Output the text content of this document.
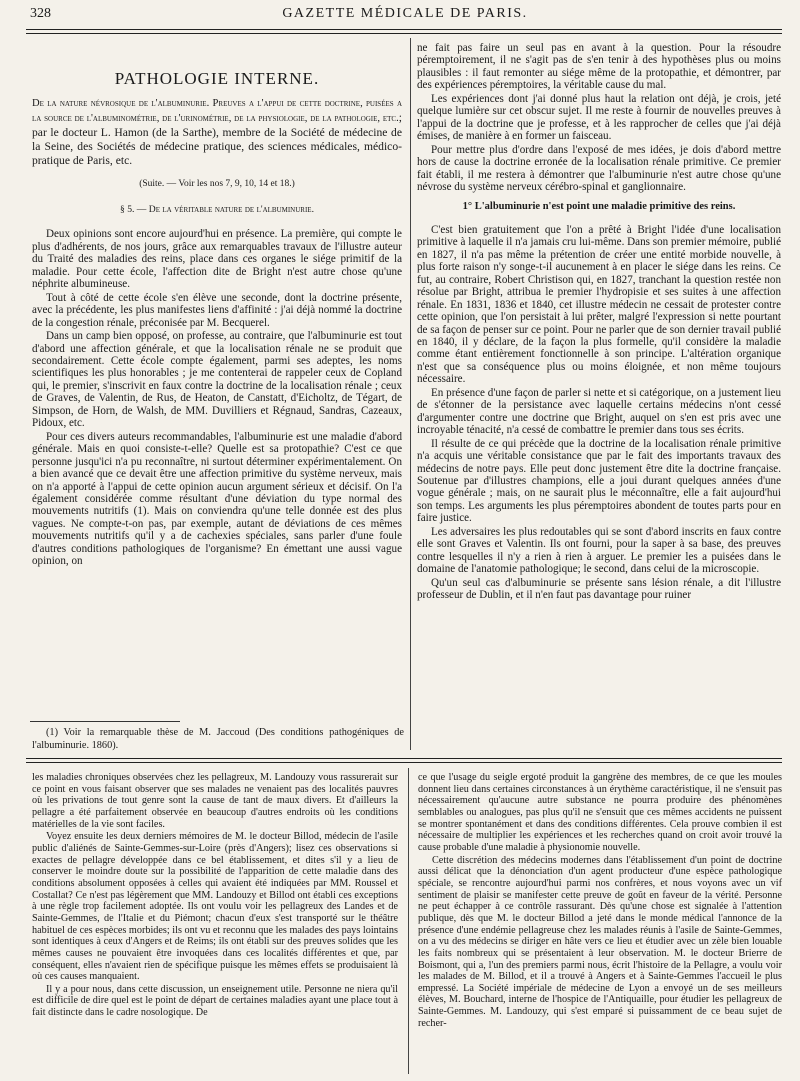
328	GAZETTE MÉDICALE DE PARIS.
PATHOLOGIE INTERNE.
De la nature névrosique de l'albuminurie. Preuves a l'appui de cette doctrine, puisées a la source de l'albuminométrie, de l'urinométrie, de la physiologie, de la pathologie, etc.; par le docteur L. Hamon (de la Sarthe), membre de la Société de médecine de la Seine, des Sociétés de médecine pratique, des sciences médicales, médico-pratique de Paris, etc.
(Suite. — Voir les nos 7, 9, 10, 14 et 18.)
§ 5. — De la véritable nature de l'albuminurie.

Deux opinions sont encore aujourd'hui en présence. La première, qui compte le plus d'adhérents, de nos jours, grâce aux remarquables travaux de l'illustre auteur du Traité des maladies des reins, place dans ces organes le siége primitif de la maladie. Pour cette école, l'affection dite de Bright n'est autre chose qu'une néphrite albumineuse.

Tout à côté de cette école s'en élève une seconde, dont la doctrine présente, avec la précédente, les plus manifestes liens d'affinité : j'ai déjà nommé la doctrine de la congestion rénale, préconisée par M. Becquerel.

Dans un camp bien opposé, on professe, au contraire, que l'albuminurie est tout d'abord une affection générale, et que la localisation rénale ne se produit que secondairement. Cette école compte également, parmi ses adeptes, les noms scientifiques les plus honorables ; je me contenterai de rappeler ceux de Copland qui, le premier, s'inscrivit en faux contre la doctrine de la localisation rénale ; ceux de Graves, de Valentin, de Rus, de Heaton, de Canstatt, d'Eicholtz, de Tégart, de Simpson, de Horn, de Walsh, de MM. Duvilliers et Régnaud, Sandras, Cazeaux, Pidoux, etc.

Pour ces divers auteurs recommandables, l'albuminurie est une maladie d'abord générale. Mais en quoi consiste-t-elle? Quelle est sa protopathie? C'est ce que personne jusqu'ici n'a pu reconnaître, ni surtout déterminer expérimentalement. On a bien avancé que ce devait être une affection primitive du système nerveux, mais on n'a apporté à l'appui de cette opinion aucun argument sérieux et décisif. On l'a également considérée comme résultant d'une déviation du type normal des mouvements nutritifs (1). Mais on conviendra qu'une telle donnée est des plus vagues. Ne compte-t-on pas, par exemple, autant de déviations de ces mêmes mouvements nutritifs qu'il y a de cachexies spéciales, sans parler d'une foule d'autres conditions pathologiques de l'organisme? En émettant une aussi vague opinion, on

(1) Voir la remarquable thèse de M. Jaccoud (Des conditions pathogéniques de l'albuminurie. 1860).

ne fait pas faire un seul pas en avant à la question. Pour la résoudre péremptoirement, il ne s'agit pas de s'en tenir à des hypothèses plus ou moins plausibles : il faut remonter au siége même de la protopathie, et démontrer, par des expériences péremptoires, la véritable cause du mal.

Les expériences dont j'ai donné plus haut la relation ont déjà, je crois, jeté quelque lumière sur cet obscur sujet. Il me reste à fournir de nouvelles preuves à l'appui de la doctrine que je professe, et à les rapprocher de celles que j'ai déjà émises, de manière à en former un faisceau.

Pour mettre plus d'ordre dans l'exposé de mes idées, je dois d'abord mettre hors de cause la doctrine erronée de la localisation rénale primitive. Ce premier fait établi, il me restera à démontrer que l'albuminurie n'est autre chose qu'une névrose du système nerveux cérébro-spinal et ganglionnaire.

1° L'albuminurie n'est point une maladie primitive des reins.

C'est bien gratuitement que l'on a prêté à Bright l'idée d'une localisation primitive à laquelle il n'a jamais cru lui-même. Dans son premier mémoire, publié en 1827, il n'a pas même la prétention de créer une entité morbide nouvelle, à plus forte raison n'y songe-t-il aucunement à en placer le siége dans les reins. Ce fut, au contraire, Robert Christison qui, en 1827, tranchant la question restée non résolue par Bright, attribua le premier l'hydropisie et ses suites à une affection rénale. En 1831, 1836 et 1840, cet illustre médecin ne cessait de protester contre cette opinion, que l'on persistait à lui prêter, malgré l'expression si nette pourtant de sa façon de penser sur ce point. Pour ne parler que de son dernier travail publié en 1840, il y déclare, de la façon la plus formelle, qu'il considère la maladie comme étant entièrement fonctionnelle à son principe. L'altération organique n'est que sa conséquence plus ou moins éloignée, et non même toujours nécessaire.

En présence d'une façon de parler si nette et si catégorique, on a justement lieu de s'étonner de la persistance avec laquelle certains médecins n'ont cessé d'argumenter contre une doctrine que Bright, auquel on s'en est pris avec une incroyable ténacité, n'a cessé de combattre le premier dans tous ses écrits.

Il résulte de ce qui précède que la doctrine de la localisation rénale primitive n'a acquis une véritable consistance que par le fait des importants travaux des médecins de notre pays. Elle peut donc justement être dite la doctrine française. Soutenue par d'illustres champions, elle a joui durant quelques années d'une vogue générale ; mais, on ne saurait plus le méconnaître, elle a fait aujourd'hui son temps. Les arguments les plus péremptoires abondent de toutes parts pour en faire justice.

Les adversaires les plus redoutables qui se sont d'abord inscrits en faux contre elle sont Graves et Valentin. Ils ont fourni, pour la saper à sa base, des preuves contre lesquelles il n'y a rien à rien à arguer. Le premier les a puisées dans le domaine de l'anatomie pathologique; le second, dans celui de la microscopie.

Qu'un seul cas d'albuminurie se présente sans lésion rénale, a dit l'illustre professeur de Dublin, et il n'en faut pas davantage pour ruiner

les maladies chroniques observées chez les pellagreux, M. Landouzy vous rassurerait sur ce point en vous faisant observer que ses malades ne venaient pas des localités pauvres où les privations de tout genre sont la cause de tant de maux divers. Et d'ailleurs la pellagre a été parfaitement observée en beaucoup d'autres endroits où les conditions matérielles de la vie sont faciles.

Voyez ensuite les deux derniers mémoires de M. le docteur Billod, médecin de l'asile public d'aliénés de Sainte-Gemmes-sur-Loire (près d'Angers); lisez ces observations si exactes de pellagre développée dans ce bel établissement, et dites s'il y a lieu de conserver le moindre doute sur la possibilité de l'apparition de cette maladie dans des conditions absolument opposées à celles qui avaient été indiquées par MM. Roussel et Costallat? Ce n'est pas légèrement que MM. Landouzy et Billod ont établi ces exceptions à une règle trop facilement adoptée. Ils ont voulu voir les pellagreux des Landes et de Sainte-Gemmes, de l'Italie et du Piémont; chacun d'eux s'est transporté sur le théâtre habituel de ces espèces morbides; ils ont vu et reconnu que les malades des pays lointains sont identiques à ceux d'Angers et de Reims; ils ont établi sur des preuves solides que les mêmes causes ne pouvaient être invoquées dans ces localités différentes et que, par conséquent, elles n'avaient rien de spécifique puisque les mêmes effets se produisaient là où ces causes manquaient.

Il y a pour nous, dans cette discussion, un enseignement utile. Personne ne nierа qu'il est difficile de dire quel est le point de départ de certaines maladies ayant une place tout à fait distincte dans le cadre nosologique. De

ce que l'usage du seigle ergoté produit la gangrène des membres, de ce que les moules donnent lieu dans certaines circonstances à un érythème caractéristique, il ne s'ensuit pas nécessairement qu'aucune autre substance ne pourra produire des phénomènes semblables ou analogues, pas plus qu'il ne s'ensuit que ces mêmes accidents ne puissent se montrer spontanément et dans des conditions différentes. Cela prouve combien il est nécessaire de multiplier les expériences et les recherches quand on croit avoir trouvé la cause probable d'une maladie à physionomie nouvelle.

Cette discrétion des médecins modernes dans l'établissement d'un point de doctrine aussi délicat que la dénonciation d'un agent producteur d'une espèce pathologique spéciale, se rencontre aujourd'hui parmi nos confrères, et nous voyons avec un vif sentiment de plaisir se manifester cette preuve de goût en faveur de la vérité. Personne ne peut échapper à ce contrôle rassurant. Dès qu'une chose est signalée à l'attention publique, dès que M. le docteur Billod a jeté dans le monde médical l'annonce de la présence d'une endémie pellagreuse chez les malades réunis à l'asile de Sainte-Gemmes, on a vu des médecins se diriger en hâte vers ce lieu et étudier avec un zèle bien louable les faits nombreux qui se présentaient à leur observation. M. le docteur Brierre de Boismont, qui a, l'un des premiers parmi nous, écrit l'histoire de la Pellagre, a voulu voir les malades de M. Billod, et il a trouvé à Angers et à Sainte-Gemmes l'accueil le plus empressé. La Société impériale de médecine de Lyon a envoyé un de ses meilleurs élèves, M. Bouchard, interne de l'hospice de l'Antiquaille, pour étudier les pellagreux de Sainte-Gemmes. M. Landouzy, qui s'est emparé si puissamment de ce beau sujet de recher-
